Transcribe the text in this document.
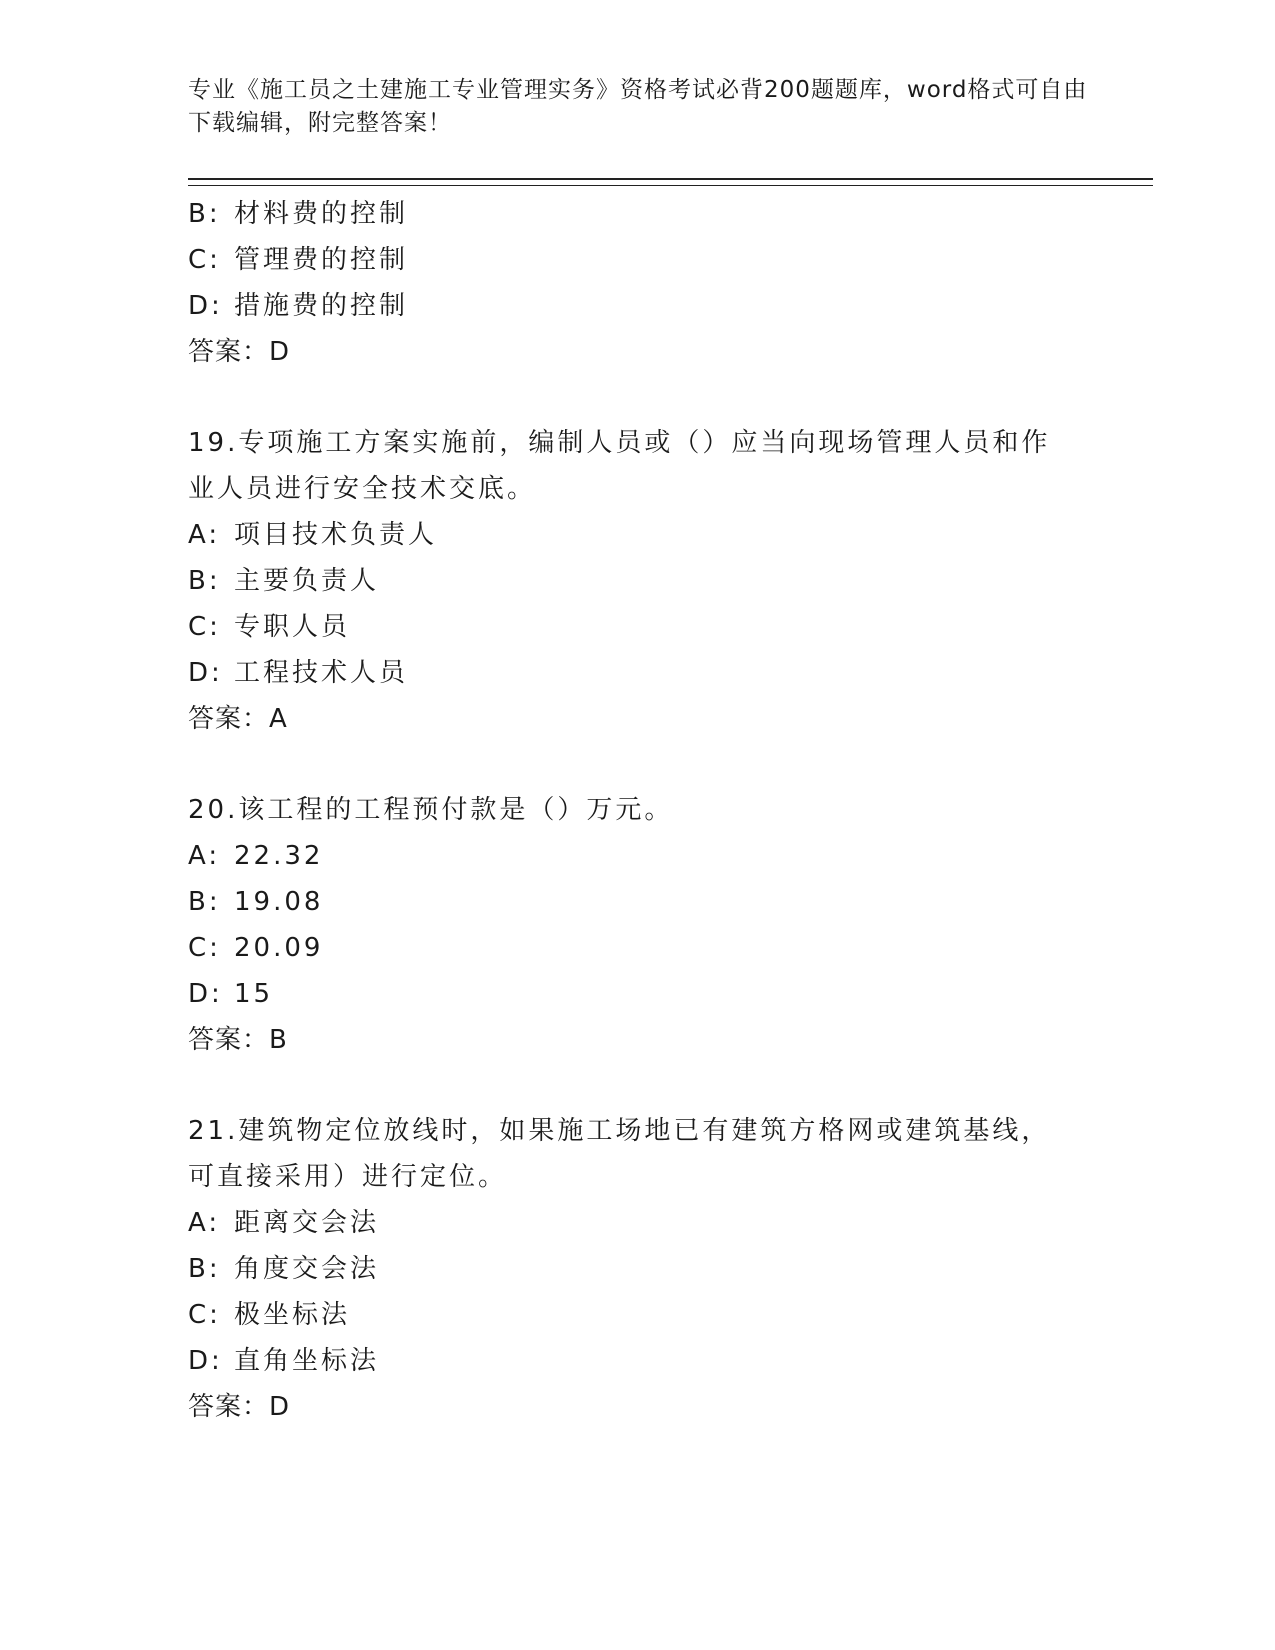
专业《施工员之土建施工专业管理实务》资格考试必背200题题库，word格式可自由下载编辑，附完整答案！
B: 材料费的控制
C: 管理费的控制
D: 措施费的控制
答案：D
19.专项施工方案实施前，编制人员或（）应当向现场管理人员和作业人员进行安全技术交底。
A: 项目技术负责人
B: 主要负责人
C: 专职人员
D: 工程技术人员
答案：A
20.该工程的工程预付款是（）万元。
A: 22.32
B: 19.08
C: 20.09
D: 15
答案：B
21.建筑物定位放线时，如果施工场地已有建筑方格网或建筑基线，可直接采用）进行定位。
A: 距离交会法
B: 角度交会法
C: 极坐标法
D: 直角坐标法
答案：D
